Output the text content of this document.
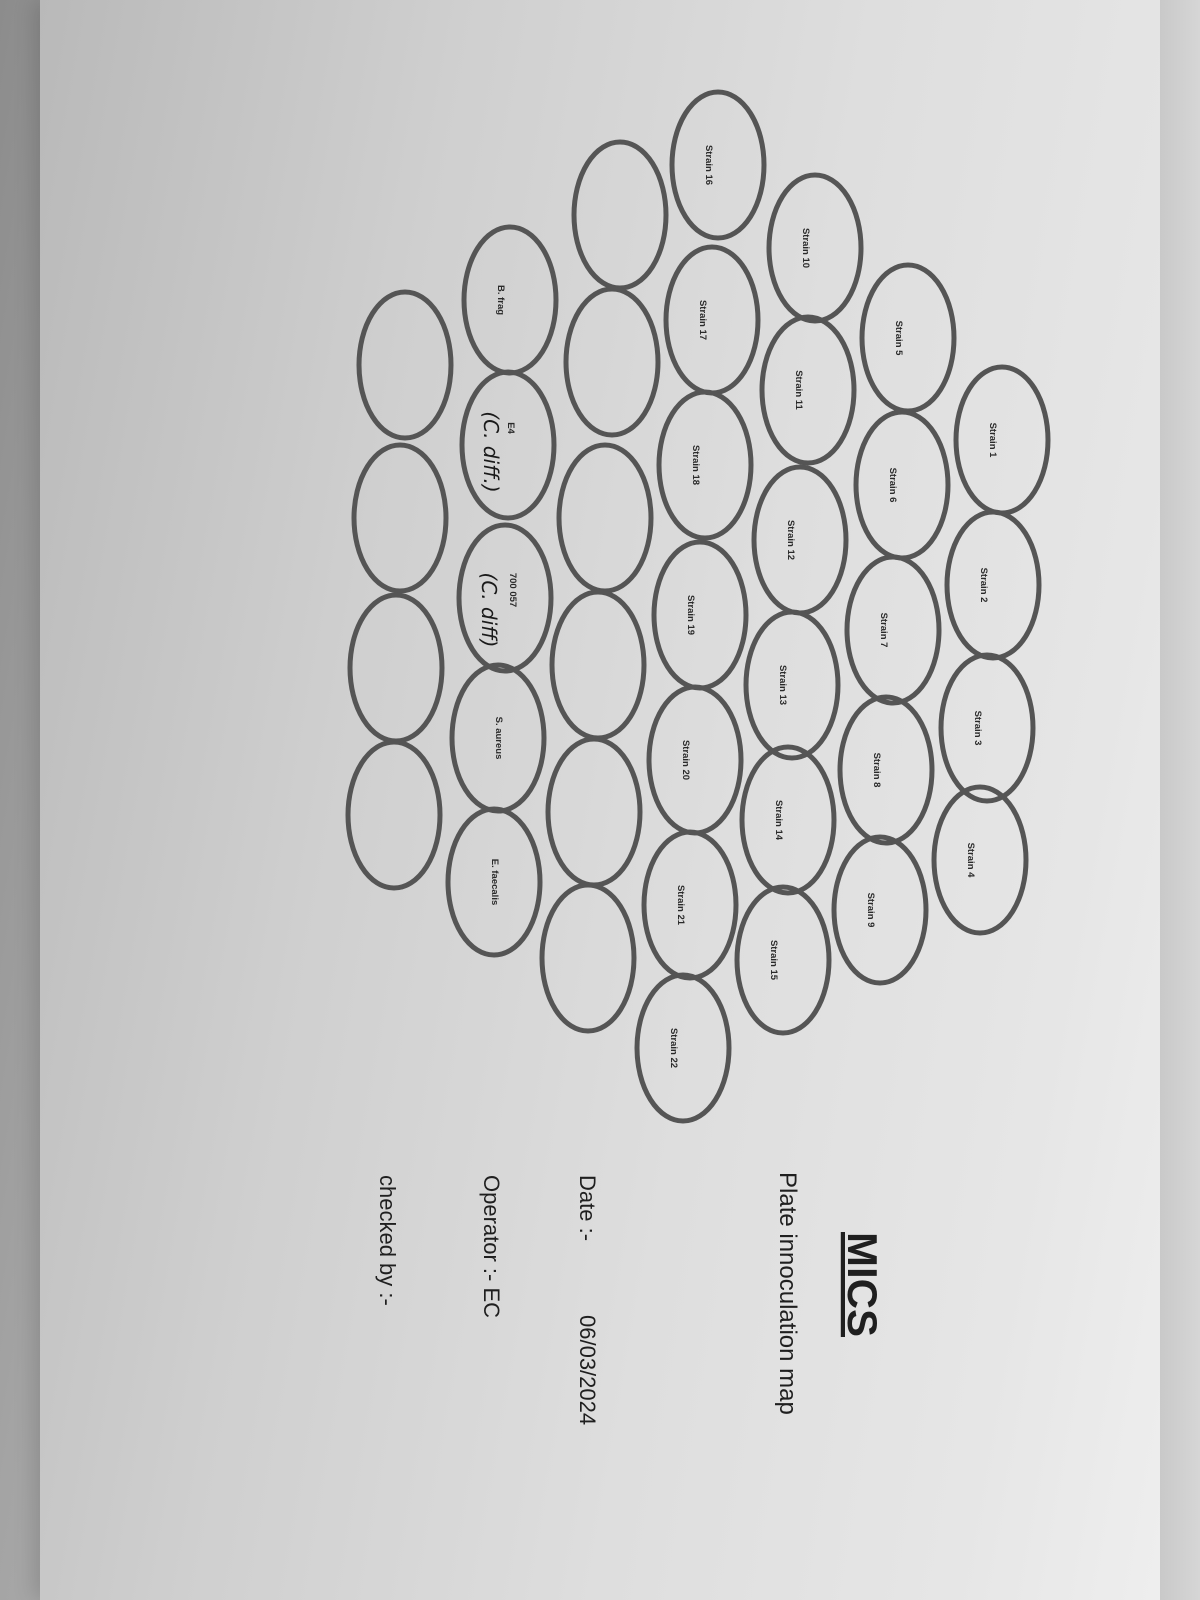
Strain 1
Strain 2
Strain 3
Strain 4
Strain 5
Strain 6
Strain 7
Strain 8
Strain 9
Strain 10
Strain 11
Strain 12
Strain 13
Strain 14
Strain 15
Strain 16
Strain 17
Strain 18
Strain 19
Strain 20
Strain 21
Strain 22
B. frag
E4
(C. diff.)
700 057
(C. diff)
S. aureus
E. faecalis
MICS
Plate innoculation map
Date :-
06/03/2024
Operator :- EC
checked by :-
